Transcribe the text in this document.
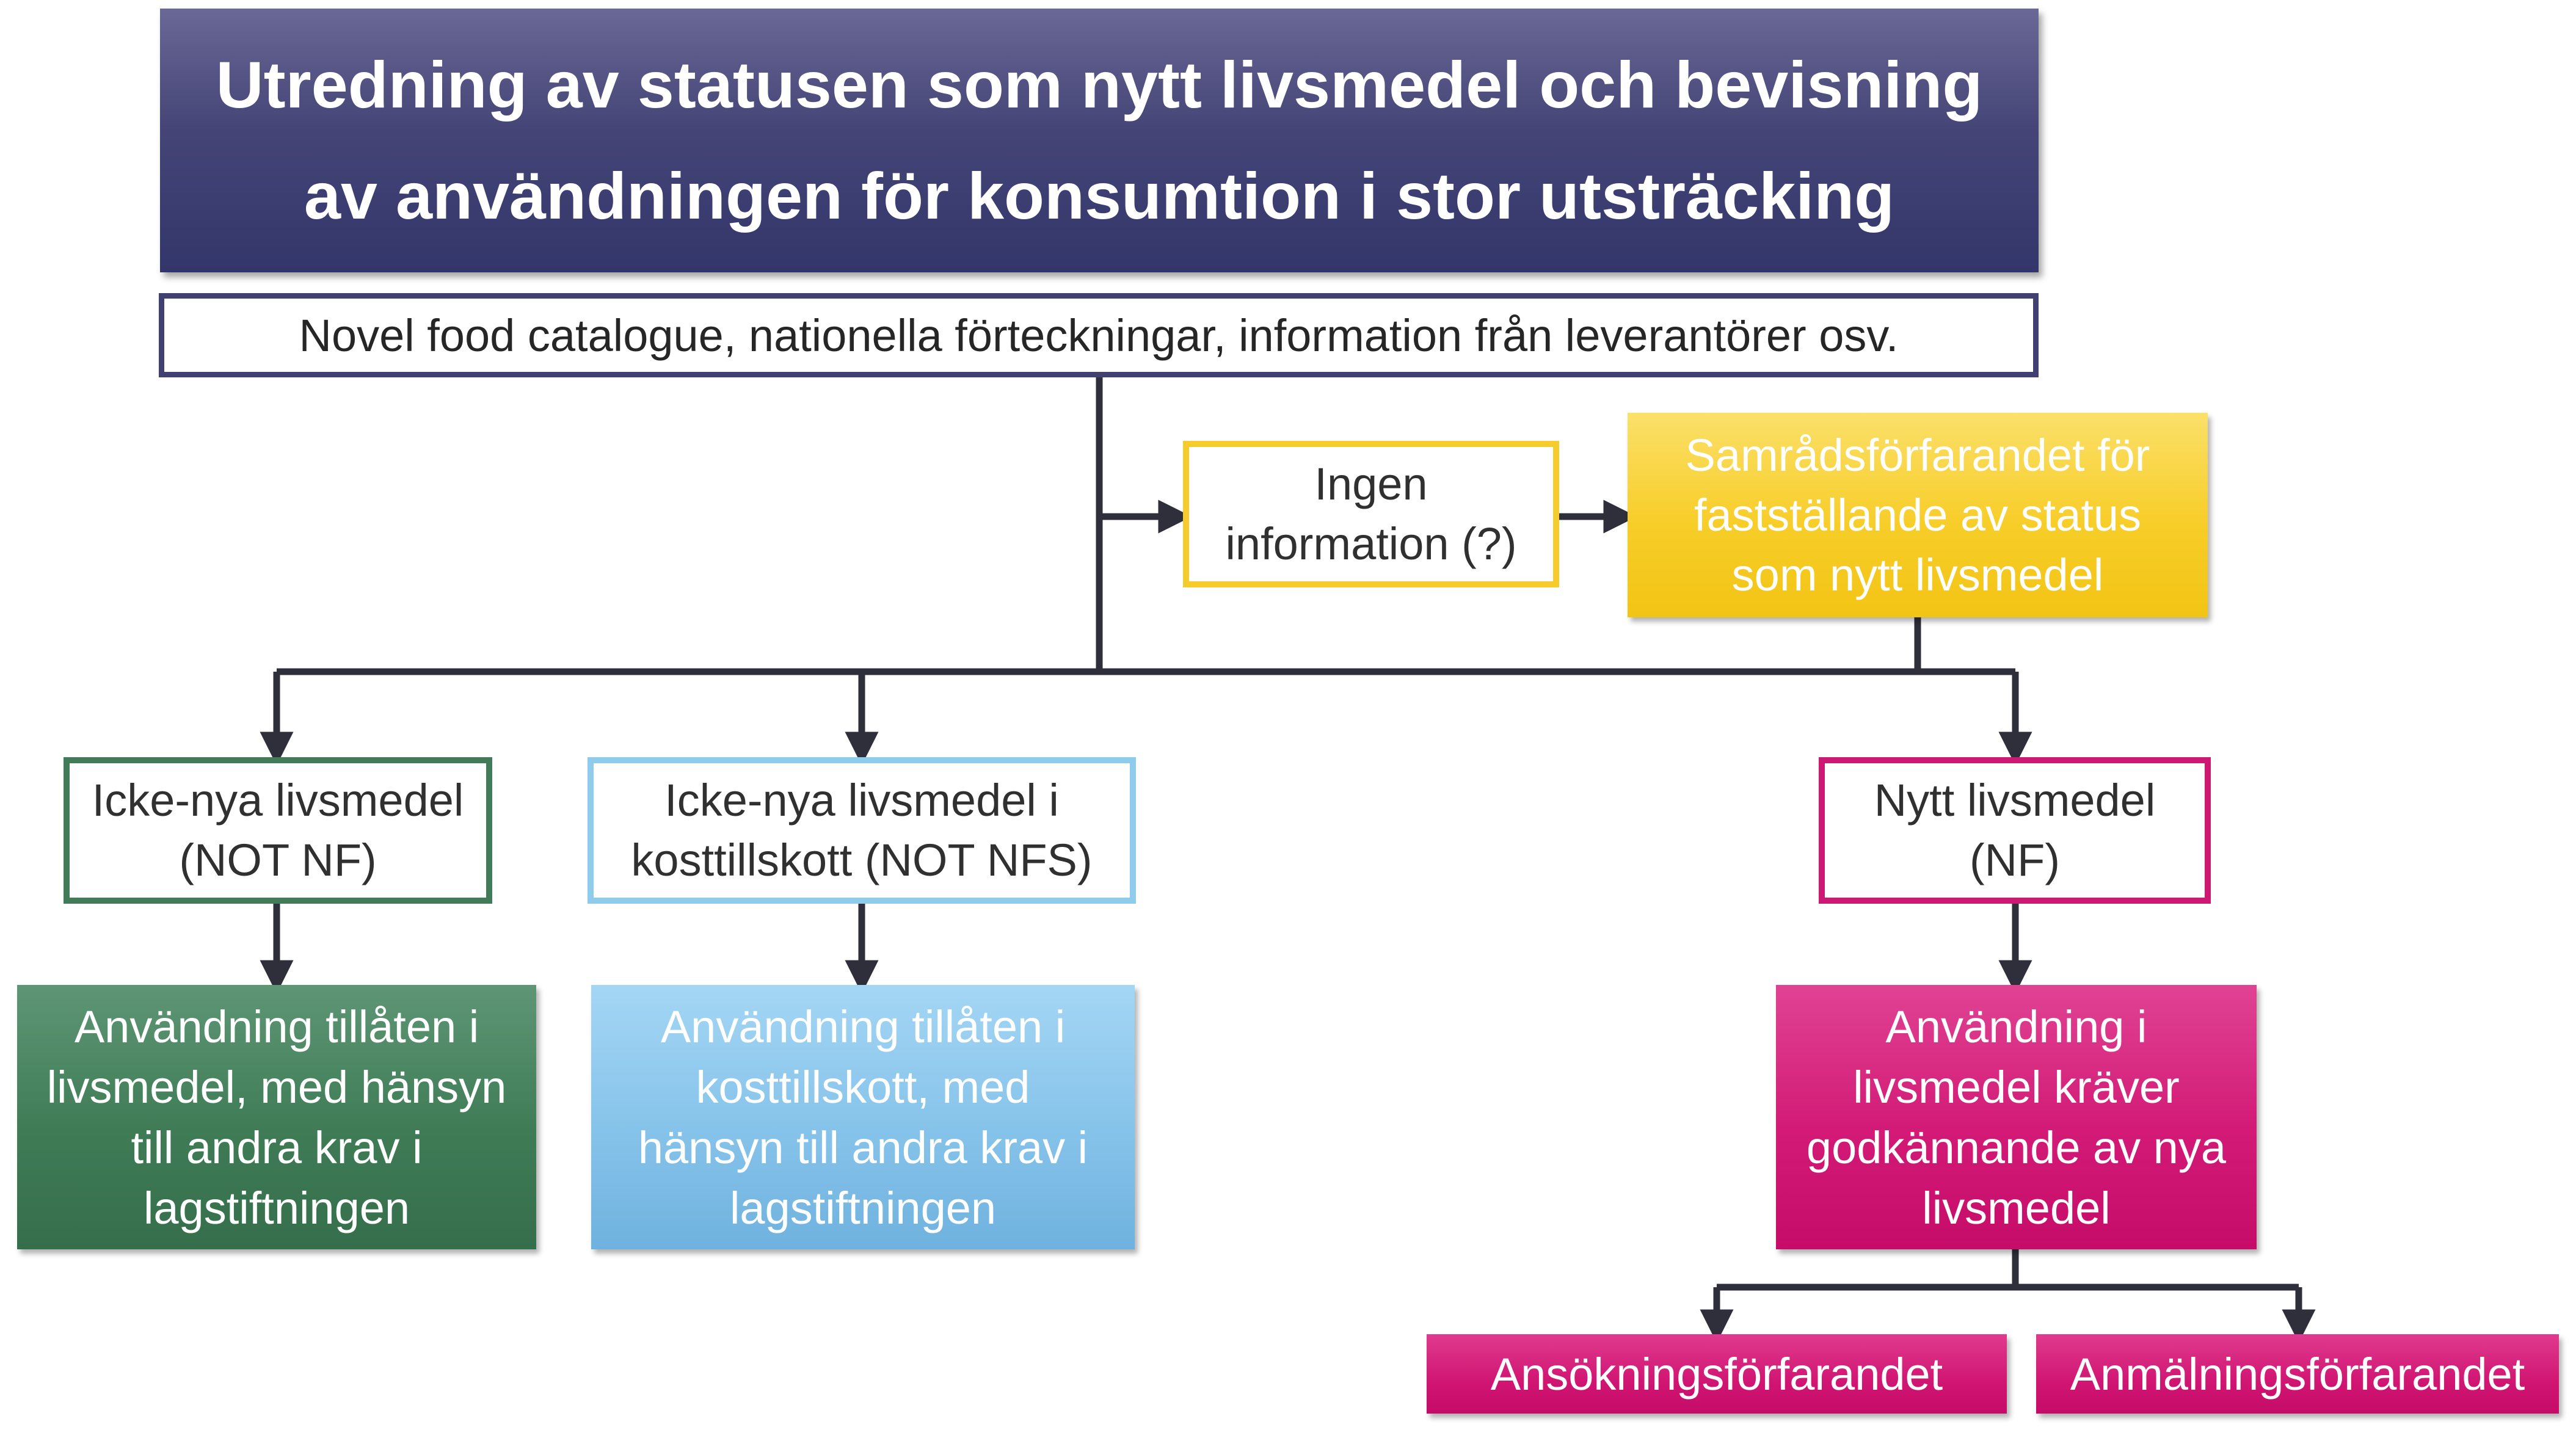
Utredning av statusen som nytt livsmedel och bevisning
av användningen för konsumtion i stor utsträcking
Novel food catalogue, nationella förteckningar, information från leverantörer osv.
Ingen
information (?)
Samrådsförfarandet för
fastställande av status
som nytt livsmedel
Icke-nya livsmedel
(NOT NF)
Icke-nya livsmedel i
kosttillskott (NOT NFS)
Nytt livsmedel
(NF)
Användning tillåten i
livsmedel, med hänsyn
till andra krav i
lagstiftningen
Användning tillåten i
kosttillskott, med
hänsyn till andra krav i
lagstiftningen
Användning i
livsmedel kräver
godkännande av nya
livsmedel
Ansökningsförfarandet	Anmälningsförfarandet
